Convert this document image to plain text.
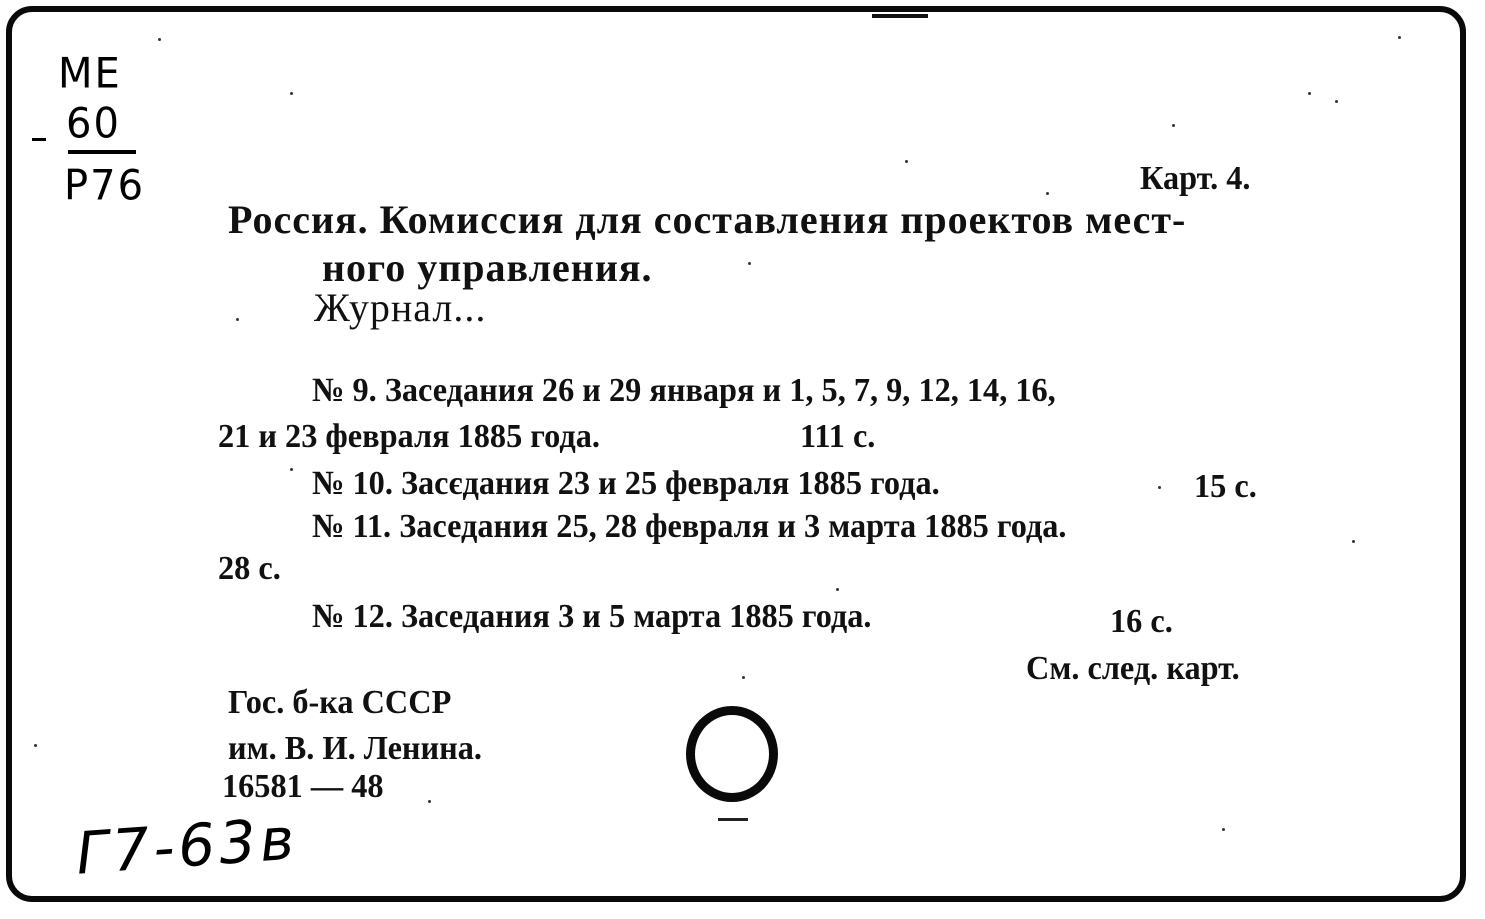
ME
60
P76	Карт. 4.
Россия. Комиссия для составления проектов мест-
ного управления.
Журнал...
№ 9. Заседания 26 и 29 января и 1, 5, 7, 9, 12, 14, 16,
21 и 23 февраля 1885 года.	111 с.
№ 10. Засєдания 23 и 25 февраля 1885 года.	15 с.
№ 11. Заседания 25, 28 февраля и 3 марта 1885 года.
28 с.
№ 12. Заседания 3 и 5 марта 1885 года.	16 с.
См. след. карт.
Гос. б-ка СССР
им. В. И. Ленина.
16581 — 48
Г7-63в
